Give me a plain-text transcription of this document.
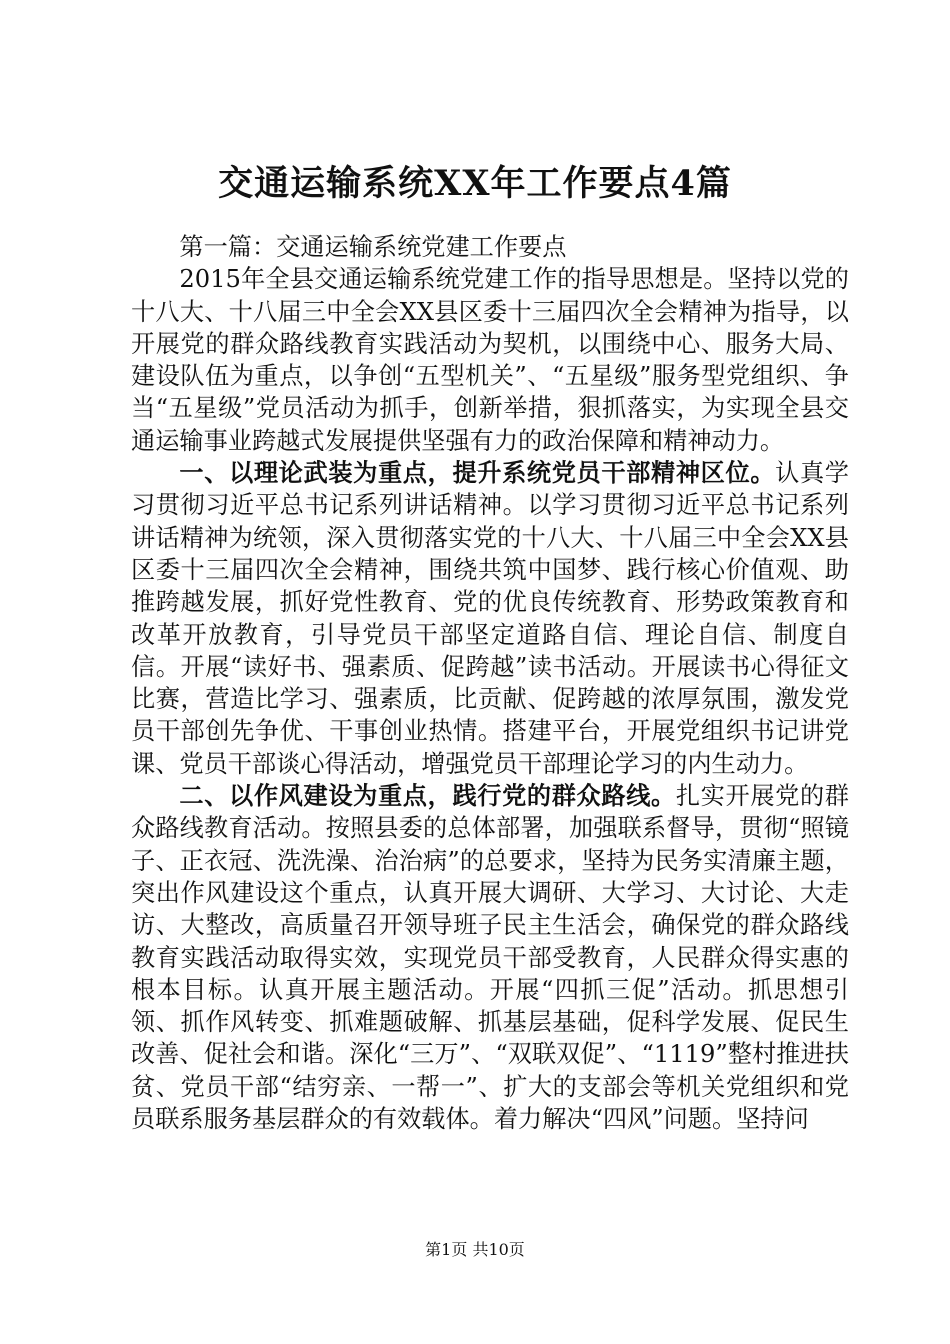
交通运输系统XX年工作要点4篇

第一篇：交通运输系统党建工作要点

2015年全县交通运输系统党建工作的指导思想是。坚持以党的十八大、十八届三中全会XX县区委十三届四次全会精神为指导，以开展党的群众路线教育实践活动为契机，以围绕中心、服务大局、建设队伍为重点，以争创“五型机关”、“五星级”服务型党组织、争当“五星级”党员活动为抓手，创新举措，狠抓落实，为实现全县交通运输事业跨越式发展提供坚强有力的政治保障和精神动力。

一、以理论武装为重点，提升系统党员干部精神区位。认真学习贯彻习近平总书记系列讲话精神。以学习贯彻习近平总书记系列讲话精神为统领，深入贯彻落实党的十八大、十八届三中全会XX县区委十三届四次全会精神，围绕共筑中国梦、践行核心价值观、助推跨越发展，抓好党性教育、党的优良传统教育、形势政策教育和改革开放教育，引导党员干部坚定道路自信、理论自信、制度自信。开展“读好书、强素质、促跨越”读书活动。开展读书心得征文比赛，营造比学习、强素质，比贡献、促跨越的浓厚氛围，激发党员干部创先争优、干事创业热情。搭建平台，开展党组织书记讲党课、党员干部谈心得活动，增强党员干部理论学习的内生动力。

二、以作风建设为重点，践行党的群众路线。扎实开展党的群众路线教育活动。按照县委的总体部署，加强联系督导，贯彻“照镜子、正衣冠、洗洗澡、治治病”的总要求，坚持为民务实清廉主题，突出作风建设这个重点，认真开展大调研、大学习、大讨论、大走访、大整改，高质量召开领导班子民主生活会，确保党的群众路线教育实践活动取得实效，实现党员干部受教育，人民群众得实惠的根本目标。认真开展主题活动。开展“四抓三促”活动。抓思想引领、抓作风转变、抓难题破解、抓基层基础，促科学发展、促民生改善、促社会和谐。深化“三万”、“双联双促”、“1119”整村推进扶贫、党员干部“结穷亲、一帮一”、扩大的支部会等机关党组织和党员联系服务基层群众的有效载体。着力解决“四风”问题。坚持问

第1页 共10页
